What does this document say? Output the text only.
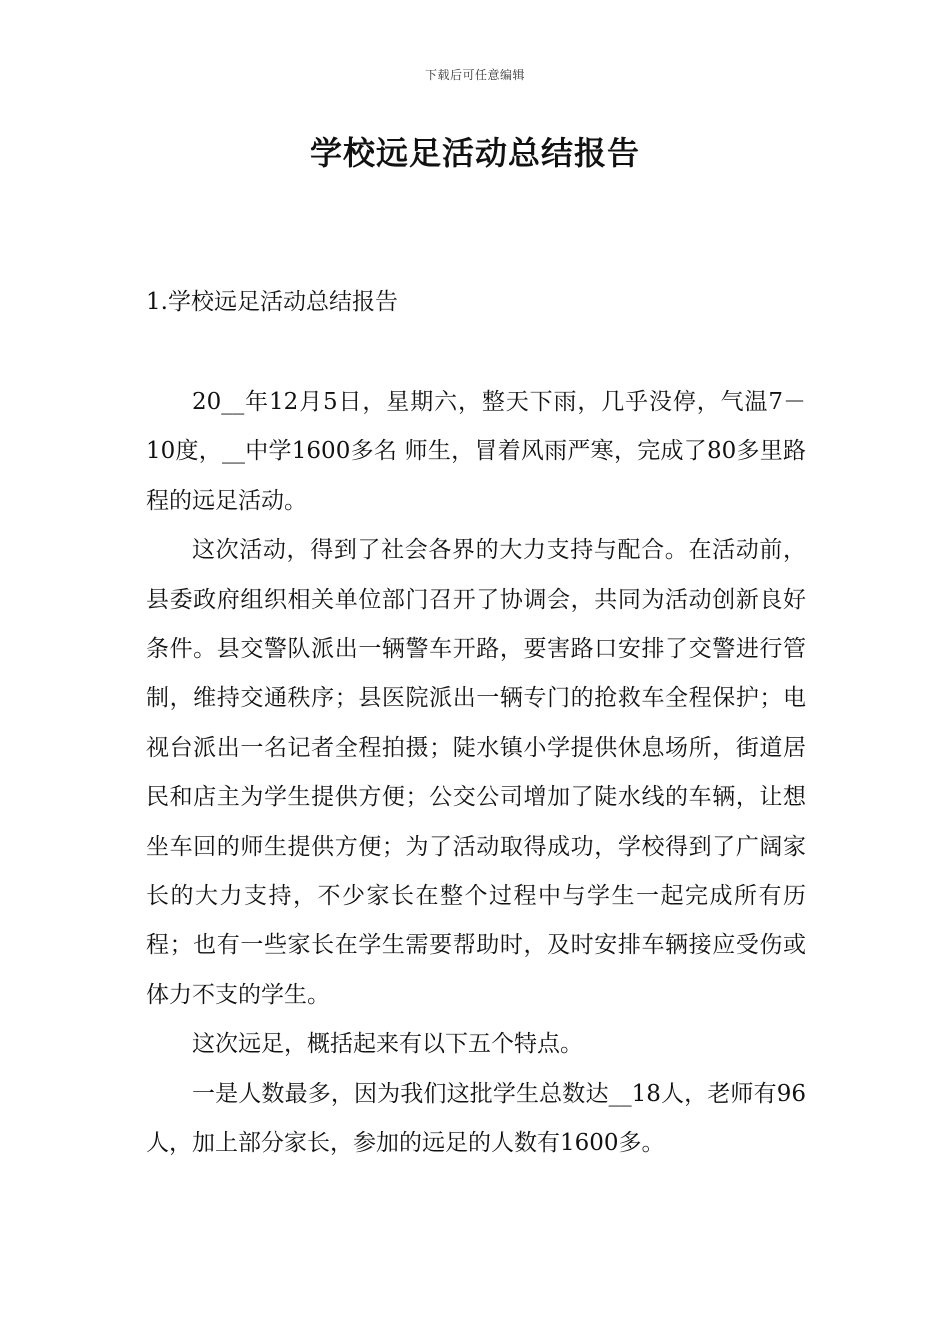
下载后可任意编辑
学校远足活动总结报告
1.学校远足活动总结报告

20__年12月5日，星期六，整天下雨，几乎没停，气温7－10度，__中学1600多名 师生，冒着风雨严寒，完成了80多里路程的远足活动。

这次活动，得到了社会各界的大力支持与配合。在活动前，县委政府组织相关单位部门召开了协调会，共同为活动创新良好条件。县交警队派出一辆警车开路，要害路口安排了交警进行管制，维持交通秩序；县医院派出一辆专门的抢救车全程保护；电视台派出一名记者全程拍摄；陡水镇小学提供休息场所，街道居民和店主为学生提供方便；公交公司增加了陡水线的车辆，让想坐车回的师生提供方便；为了活动取得成功，学校得到了广阔家长的大力支持，不少家长在整个过程中与学生一起完成所有历程；也有一些家长在学生需要帮助时，及时安排车辆接应受伤或体力不支的学生。

这次远足，概括起来有以下五个特点。

一是人数最多，因为我们这批学生总数达__18人，老师有96人，加上部分家长，参加的远足的人数有1600多。
